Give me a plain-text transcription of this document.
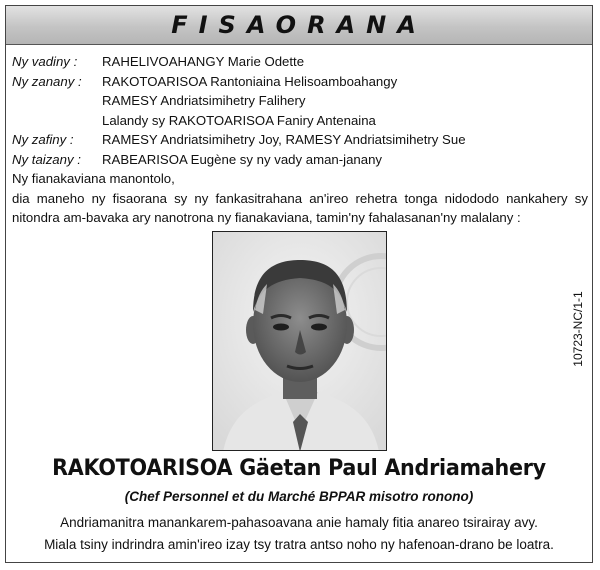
FISAORANA
Ny vadiny :	RAHELIVOAHANGY Marie Odette
Ny zanany :	RAKOTOARISOA Rantoniaina Helisoamboahangy
RAMESY Andriatsimihetry Falihery
Lalandy sy RAKOTOARISOA Faniry Antenaina
Ny zafiny :	RAMESY Andriatsimihetry Joy, RAMESY Andriatsimihetry Sue
Ny taizany :	RABEARISOA Eugène sy ny vady aman-janany
Ny fianakaviana manontolo,
dia maneho ny fisaorana sy ny fankasitrahana an'ireo rehetra tonga nidododo nankahery sy nitondra am-bavaka ary nanotrona ny fianakaviana, tamin'ny fahalasanan'ny malalany :
10723-NC/1-1
RAKOTOARISOA Gäetan Paul Andriamahery
(Chef Personnel et du Marché BPPAR misotro ronono)
Andriamanitra manankarem-pahasoavana anie hamaly fitia anareo tsirairay avy.
Miala tsiny indrindra amin'ireo izay tsy tratra antso noho ny hafenoan-drano be loatra.
